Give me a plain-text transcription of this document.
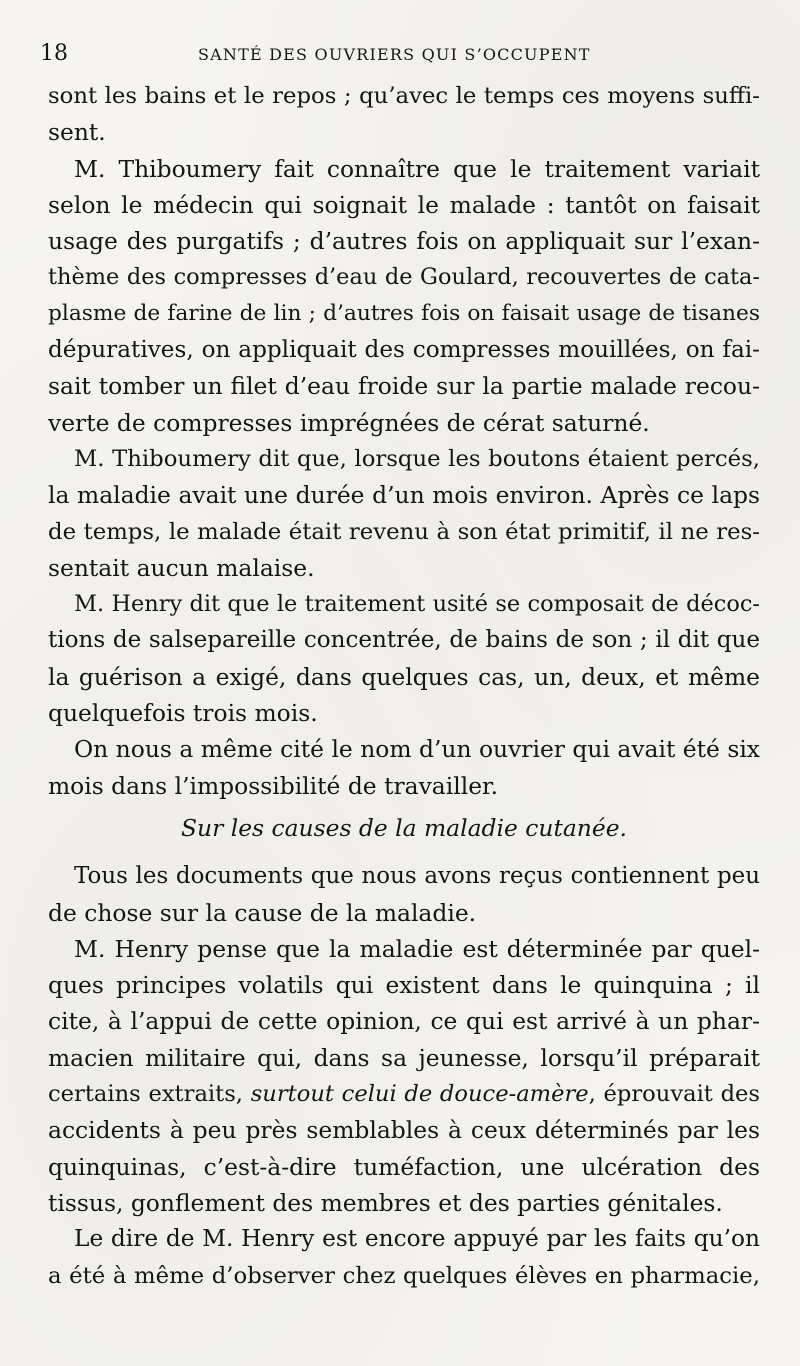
18	SANTÉ DES OUVRIERS QUI S’OCCUPENT
sont les bains et le repos ; qu’avec le temps ces moyens suffi-
sent.
M. Thiboumery fait connaître que le traitement variait
selon le médecin qui soignait le malade : tantôt on faisait
usage des purgatifs ; d’autres fois on appliquait sur l’exan-
thème des compresses d’eau de Goulard, recouvertes de cata-
plasme de farine de lin ; d’autres fois on faisait usage de tisanes
dépuratives, on appliquait des compresses mouillées, on fai-
sait tomber un filet d’eau froide sur la partie malade recou-
verte de compresses imprégnées de cérat saturné.
M. Thiboumery dit que, lorsque les boutons étaient percés,
la maladie avait une durée d’un mois environ. Après ce laps
de temps, le malade était revenu à son état primitif, il ne res-
sentait aucun malaise.
M. Henry dit que le traitement usité se composait de décoc-
tions de salsepareille concentrée, de bains de son ; il dit que
la guérison a exigé, dans quelques cas, un, deux, et même
quelquefois trois mois.
On nous a même cité le nom d’un ouvrier qui avait été six
mois dans l’impossibilité de travailler.
Sur les causes de la maladie cutanée.
Tous les documents que nous avons reçus contiennent peu
de chose sur la cause de la maladie.
M. Henry pense que la maladie est déterminée par quel-
ques principes volatils qui existent dans le quinquina ; il
cite, à l’appui de cette opinion, ce qui est arrivé à un phar-
macien militaire qui, dans sa jeunesse, lorsqu’il préparait
certains extraits, surtout celui de douce-amère, éprouvait des
accidents à peu près semblables à ceux déterminés par les
quinquinas, c’est-à-dire tuméfaction, une ulcération des
tissus, gonflement des membres et des parties génitales.
Le dire de M. Henry est encore appuyé par les faits qu’on
a été à même d’observer chez quelques élèves en pharmacie,
